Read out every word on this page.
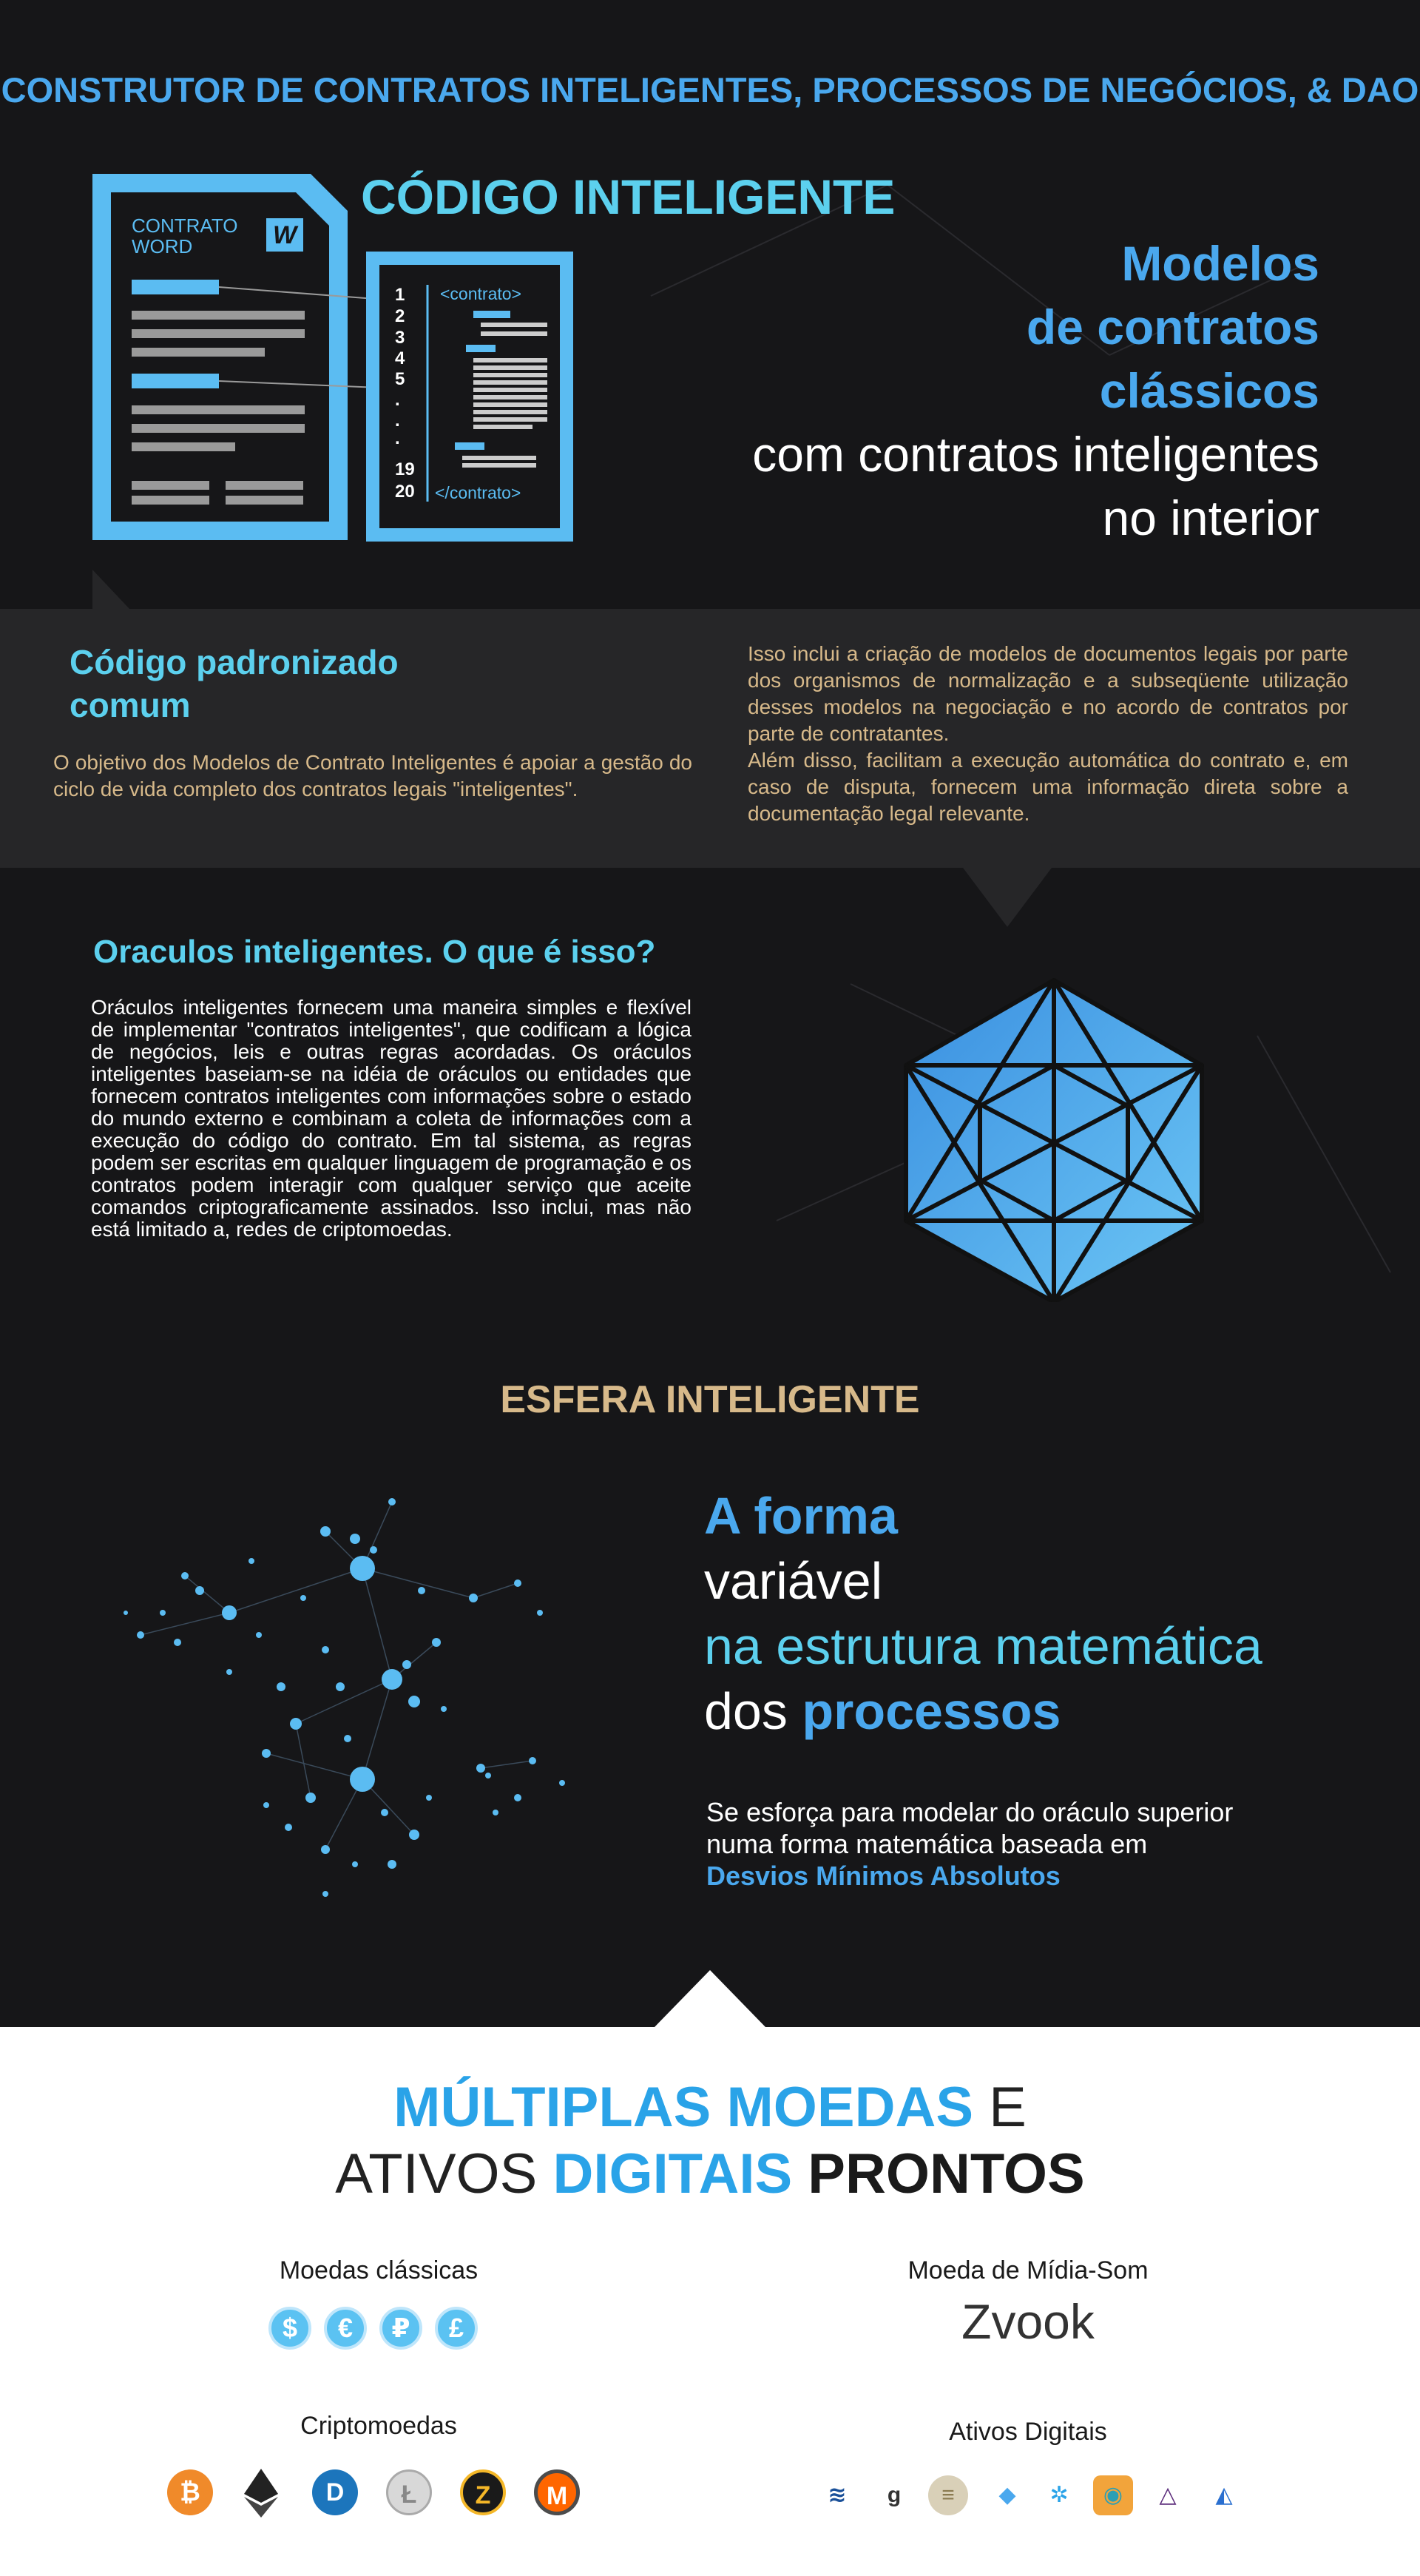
CONSTRUTOR DE CONTRATOS INTELIGENTES, PROCESSOS DE NEGÓCIOS, & DAO
CÓDIGO INTELIGENTE
W
CONTRATO
WORD
1
2
3
4
5
.
.
.
19
20
<contrato>
</contrato>
Modelos
de contratos
clássicos
com contratos inteligentes
no interior
Código padronizado comum
O objetivo dos Modelos de Contrato Inteligentes é apoiar a gestão do ciclo de vida completo dos contratos legais "inteligentes".
Isso inclui a criação de modelos de documentos legais por parte dos organismos de normalização e a subseqüente utilização desses modelos na negociação e no acordo de contratos por parte de contratantes.
Além disso, facilitam a execução automática do contrato e, em caso de disputa, fornecem uma informação direta sobre a documentação legal relevante.
Oraculos inteligentes. O que é isso?
Oráculos inteligentes fornecem uma maneira simples e flexível de implementar "contratos inteligentes", que codificam a lógica de negócios, leis e outras regras acordadas. Os oráculos inteligentes baseiam-se na idéia de oráculos ou entidades que fornecem contratos inteligentes com informações sobre o estado do mundo externo e combinam a coleta de informações com a execução do código do contrato. Em tal sistema, as regras podem ser escritas em qualquer linguagem de programação e os contratos podem interagir com qualquer serviço que aceite comandos criptograficamente assinados. Isso inclui, mas não está limitado a, redes de criptomoedas.
ESFERA INTELIGENTE
A forma
variável
na estrutura matemática
dos processos
Se esforça para modelar do oráculo superior
numa forma matemática baseada em
Desvios Mínimos Absolutos
MÚLTIPLAS MOEDAS E
ATIVOS DIGITAIS PRONTOS
Moedas clássicas	Moeda de Mídia-Som
Zvook
Criptomoedas	Ativos Digitais
$	€	₽	£
₿	D	Ł	Z	M	≋	g	≡	◆	✲	◉	△	◭
